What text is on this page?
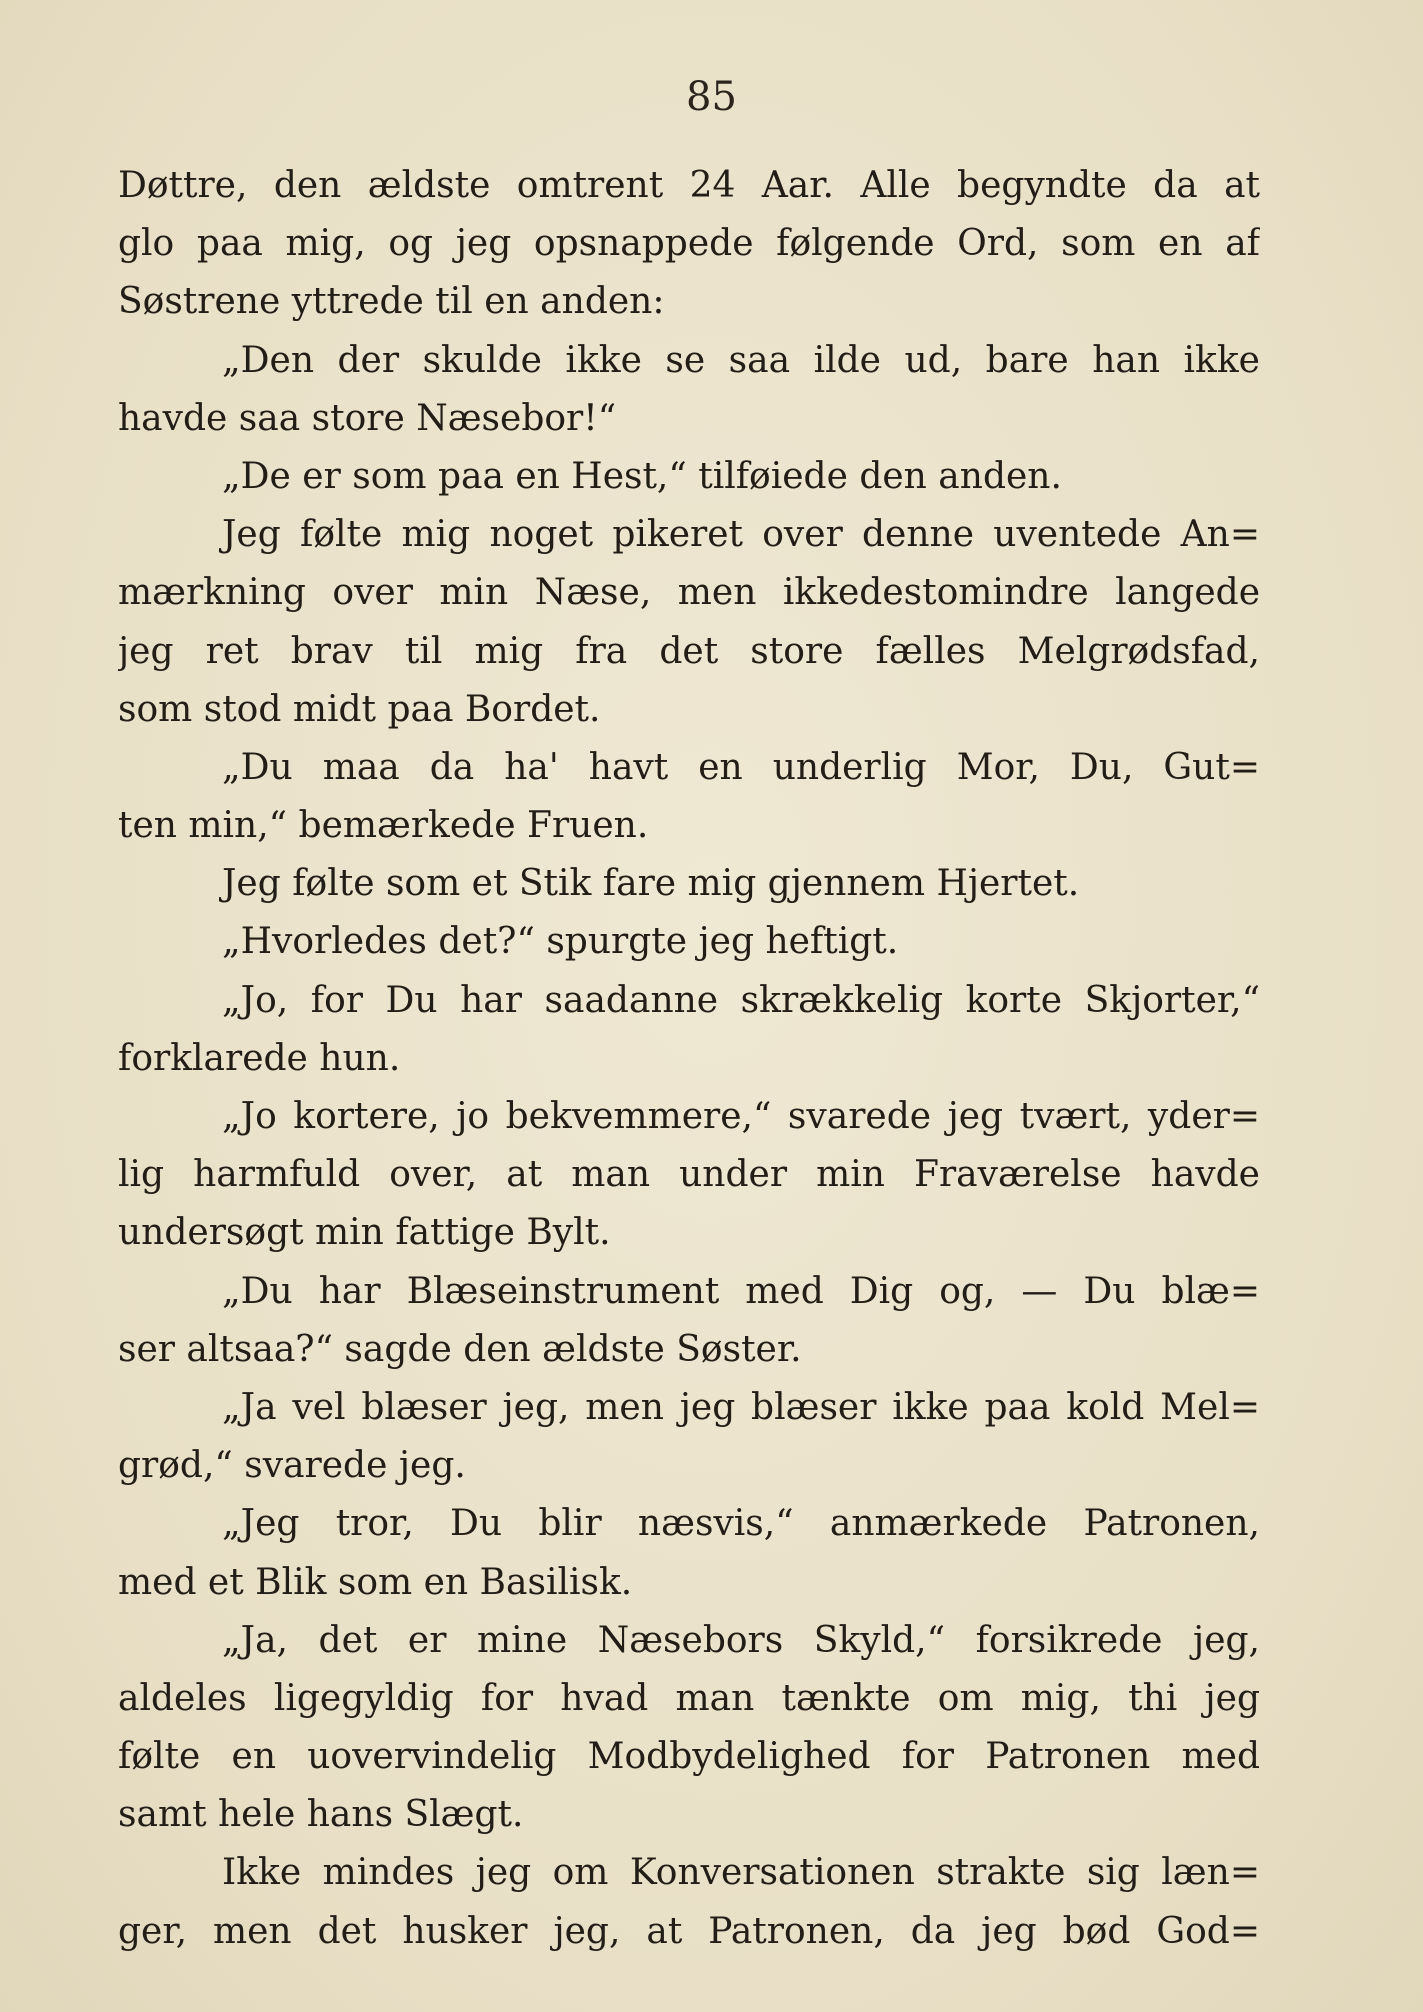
85
Døttre, den ældste omtrent 24 Aar. Alle begyndte da at
glo paa mig, og jeg opsnappede følgende Ord, som en af
Søstrene yttrede til en anden:
„Den der skulde ikke se saa ilde ud, bare han ikke
havde saa store Næsebor!“
„De er som paa en Hest,“ tilføiede den anden.
Jeg følte mig noget pikeret over denne uventede An=
mærkning over min Næse, men ikkedestomindre langede
jeg ret brav til mig fra det store fælles Melgrødsfad,
som stod midt paa Bordet.
„Du maa da ha' havt en underlig Mor, Du, Gut=
ten min,“ bemærkede Fruen.
Jeg følte som et Stik fare mig gjennem Hjertet.
„Hvorledes det?“ spurgte jeg heftigt.
„Jo, for Du har saadanne skrækkelig korte Skjorter,“
forklarede hun.
„Jo kortere, jo bekvemmere,“ svarede jeg tvært, yder=
lig harmfuld over, at man under min Fraværelse havde
undersøgt min fattige Bylt.
„Du har Blæseinstrument med Dig og, — Du blæ=
ser altsaa?“ sagde den ældste Søster.
„Ja vel blæser jeg, men jeg blæser ikke paa kold Mel=
grød,“ svarede jeg.
„Jeg tror, Du blir næsvis,“ anmærkede Patronen,
med et Blik som en Basilisk.
„Ja, det er mine Næsebors Skyld,“ forsikrede jeg,
aldeles ligegyldig for hvad man tænkte om mig, thi jeg
følte en uovervindelig Modbydelighed for Patronen med
samt hele hans Slægt.
Ikke mindes jeg om Konversationen strakte sig læn=
ger, men det husker jeg, at Patronen, da jeg bød God=
